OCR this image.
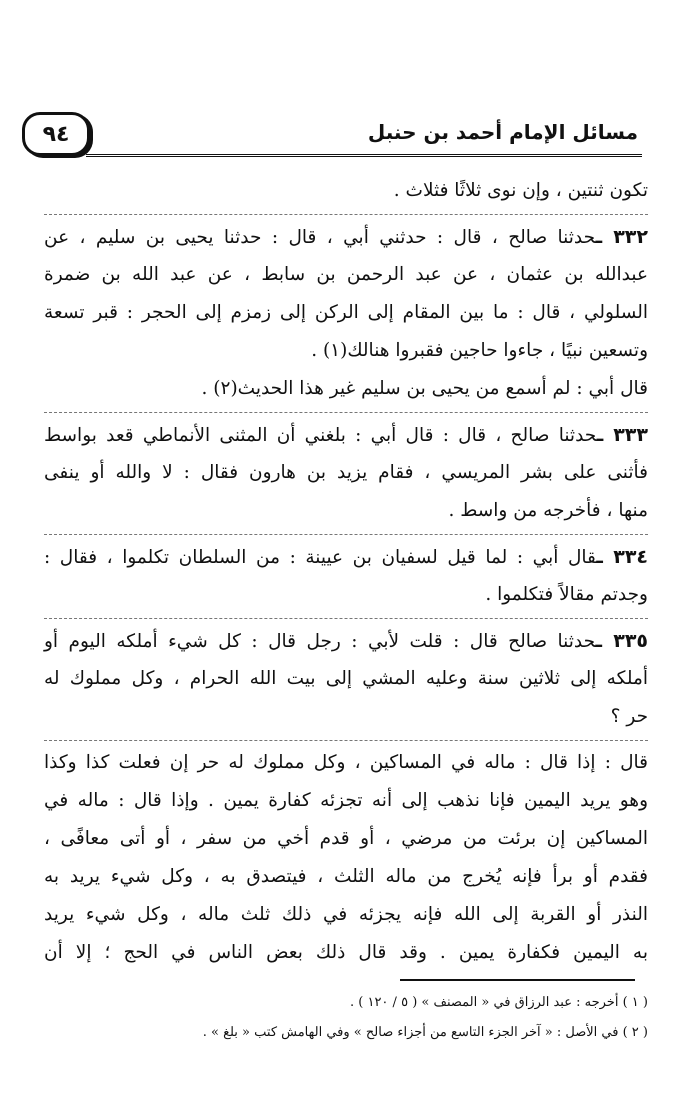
٩٤	مسائل الإمام أحمد بن حنبل
تكون ثنتين ، وإن نوى ثلاثًا فثلاث .
٣٣٢ ـحدثنا صالح ، قال : حدثني أبي ، قال : حدثنا يحيى بن سليم ، عن
عبدالله بن عثمان ، عن عبد الرحمن بن سابط ، عن عبد الله بن ضمرة
السلولي ، قال : ما بين المقام إلى الركن إلى زمزم إلى الحجر : قبر تسعة
وتسعين نبيًا ، جاءوا حاجين فقبروا هنالك(١) .
قال أبي : لم أسمع من يحيى بن سليم غير هذا الحديث(٢) .
٣٣٣ ـحدثنا صالح ، قال : قال أبي : بلغني أن المثنى الأنماطي قعد بواسط
فأثنى على بشر المريسي ، فقام يزيد بن هارون فقال : لا والله أو ينفى
منها ، فأخرجه من واسط .
٣٣٤ ـقال أبي : لما قيل لسفيان بن عيينة : من السلطان تكلموا ، فقال :
وجدتم مقالاً فتكلموا .
٣٣٥ ـحدثنا صالح قال : قلت لأبي : رجل قال : كل شيء أملكه اليوم أو
أملكه إلى ثلاثين سنة وعليه المشي إلى بيت الله الحرام ، وكل مملوك له
حر ؟
قال : إذا قال : ماله في المساكين ، وكل مملوك له حر إن فعلت كذا وكذا
وهو يريد اليمين فإنا نذهب إلى أنه تجزئه كفارة يمين . وإذا قال : ماله في
المساكين إن برئت من مرضي ، أو قدم أخي من سفر ، أو أتى معافًى ،
فقدم أو برأ فإنه يُخرج من ماله الثلث ، فيتصدق به ، وكل شيء يريد به
النذر أو القربة إلى الله فإنه يجزئه في ذلك ثلث ماله ، وكل شيء يريد
به اليمين فكفارة يمين . وقد قال ذلك بعض الناس في الحج ؛ إلا أن
( ١ ) أخرجه : عبد الرزاق في « المصنف » ( ٥ / ١٢٠ ) .
( ٢ ) في الأصل : « آخر الجزء التاسع من أجزاء صالح » وفي الهامش كتب « بلغ » .
